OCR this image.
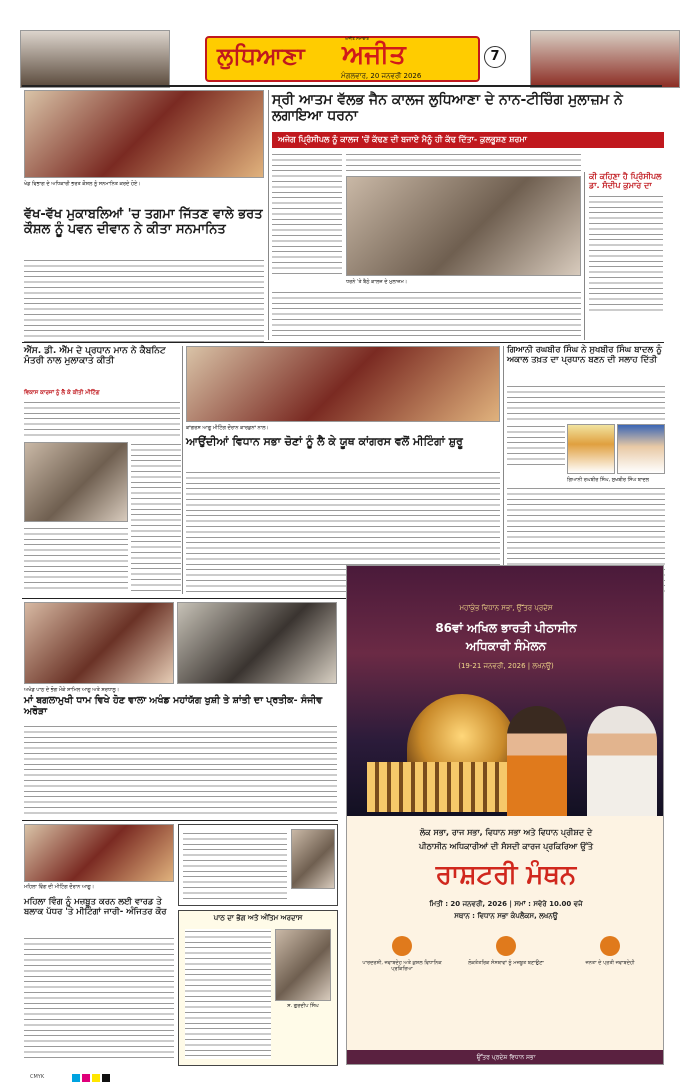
ਲੁਧਿਆਣਾ ਅਜੀਤ
ਅਜੀਤ ਸਮਾਚਾਰ
ਮੰਗਲਵਾਰ, 20 ਜਨਵਰੀ 2026
7
ਖੇਡ ਵਿਭਾਗ ਦੇ ਅਧਿਕਾਰੀ ਭਰਤ ਕੌਸ਼ਲ ਨੂੰ ਸਨਮਾਨਿਤ ਕਰਦੇ ਹੋਏ।
ਵੱਖ-ਵੱਖ ਮੁਕਾਬਲਿਆਂ 'ਚ ਤਗਮਾ ਜਿੱਤਣ ਵਾਲੇ ਭਰਤ ਕੌਸ਼ਲ ਨੂੰ ਪਵਨ ਦੀਵਾਨ ਨੇ ਕੀਤਾ ਸਨਮਾਨਿਤ
ਸ੍ਰੀ ਆਤਮ ਵੱਲਭ ਜੈਨ ਕਾਲਜ ਲੁਧਿਆਣਾ ਦੇ ਨਾਨ-ਟੀਚਿੰਗ ਮੁਲਾਜ਼ਮ ਨੇ ਲਗਾਇਆ ਧਰਨਾ
ਅਜੇਗ ਪ੍ਰਿੰਸੀਪਲ ਨੂੰ ਕਾਲਜ 'ਚੋਂ ਕੱਢਣ ਦੀ ਬਜਾਏ ਮੈਨੂੰ ਹੀ ਕੱਢ ਦਿੱਤਾ- ਕੁਲਭੂਸ਼ਣ ਸ਼ਰਮਾ
ਧਰਨੇ 'ਤੇ ਬੈਠੇ ਕਾਲਜ ਦੇ ਮੁਲਾਜ਼ਮ।
ਕੀ ਕਹਿਣਾ ਹੈ ਪ੍ਰਿੰਸੀਪਲ ਡਾ. ਸੰਦੀਪ ਕੁਮਾਰ ਦਾ
ਐੱਸ. ਡੀ. ਐੱਮ ਦੇ ਪ੍ਰਧਾਨ ਮਾਨ ਨੇ ਕੈਬਨਿਟ ਮੰਤਰੀ ਨਾਲ ਮੁਲਾਕਾਤ ਕੀਤੀ
ਵਿਕਾਸ ਕਾਰਜਾਂ ਨੂੰ ਲੈ ਕੇ ਕੀਤੀ ਮੀਟਿੰਗ
ਕਾਂਗਰਸ ਆਗੂ ਮੀਟਿੰਗ ਦੌਰਾਨ ਕਾਰਕੁਨਾਂ ਨਾਲ।
ਆਉਂਦੀਆਂ ਵਿਧਾਨ ਸਭਾ ਚੋਣਾਂ ਨੂੰ ਲੈ ਕੇ ਯੂਥ ਕਾਂਗਰਸ ਵਲੋਂ ਮੀਟਿੰਗਾਂ ਸ਼ੁਰੂ
ਗਿਆਨੀ ਰਘਬੀਰ ਸਿੰਘ ਨੇ ਸੁਖਬੀਰ ਸਿੰਘ ਬਾਦਲ ਨੂੰ ਅਕਾਲ ਤਖ਼ਤ ਦਾ ਪ੍ਰਧਾਨ ਬਣਨ ਦੀ ਸਲਾਹ ਦਿੱਤੀ
ਗਿਆਨੀ ਰਘਬੀਰ ਸਿੰਘ, ਸੁਖਬੀਰ ਸਿੰਘ ਬਾਦਲ
ਅਖੰਡ ਪਾਠ ਦੇ ਭੋਗ ਮੌਕੇ ਸ਼ਾਮਿਲ ਆਗੂ ਅਤੇ ਸ਼ਰਧਾਲੂ।
ਮਾਂ ਬਗਲਾਮੁਖੀ ਧਾਮ ਵਿਖੇ ਹੋਣ ਵਾਲਾ ਅਖੰਡ ਮਹਾਂਯੱਗ ਖੁਸ਼ੀ ਤੇ ਸ਼ਾਂਤੀ ਦਾ ਪ੍ਰਤੀਕ- ਸੰਜੀਵ ਅਰੋੜਾ
ਮਹਿਲਾ ਵਿੰਗ ਦੀ ਮੀਟਿੰਗ ਦੌਰਾਨ ਆਗੂ।
ਮਹਿਲਾ ਵਿੰਗ ਨੂੰ ਮਜ਼ਬੂਤ ਕਰਨ ਲਈ ਵਾਰਡ ਤੇ ਬਲਾਕ ਪੱਧਰ 'ਤੇ ਮੀਟਿੰਗਾਂ ਜਾਰੀ- ਅੰਜਿਤਰ ਕੌਰ
ਪਾਠ ਦਾ ਭੋਗ ਅਤੇ ਅੰਤਿਮ ਅਰਦਾਸ
ਸ. ਗੁਰਦੀਪ ਸਿੰਘ
ਮਹਾਂਕੁੰਭ ਵਿਧਾਨ ਸਭਾ, ਉੱਤਰ ਪ੍ਰਦੇਸ਼
86ਵਾਂ ਅਖਿਲ ਭਾਰਤੀ ਪੀਠਾਸੀਨ
ਅਧਿਕਾਰੀ ਸੰਮੇਲਨ
(19-21 ਜਨਵਰੀ, 2026 | ਲਖਨਊ)
ਲੋਕ ਸਭਾ, ਰਾਜ ਸਭਾ, ਵਿਧਾਨ ਸਭਾ ਅਤੇ ਵਿਧਾਨ ਪ੍ਰੀਸ਼ਦ ਦੇ
ਪੀਠਾਸੀਨ ਅਧਿਕਾਰੀਆਂ ਦੀ ਸੰਸਦੀ ਕਾਰਜ ਪ੍ਰਕਿਰਿਆ ਉੱਤੇ
ਰਾਸ਼ਟਰੀ ਮੰਥਨ
ਮਿਤੀ : 20 ਜਨਵਰੀ, 2026 | ਸਮਾਂ : ਸਵੇਰੇ 10.00 ਵਜੇ
ਸਥਾਨ : ਵਿਧਾਨ ਸਭਾ ਕੰਪਲੈਕਸ, ਲਖਨਊ
ਪਾਰਦਰਸ਼ੀ, ਜਵਾਬਦੇਹ ਅਤੇ ਕੁਸ਼ਲ ਵਿਧਾਨਿਕ ਪ੍ਰਕਿਰਿਆ
ਲੋਕਤੰਤਰਿਕ ਸੰਸਥਾਵਾਂ ਨੂੰ ਮਜ਼ਬੂਤ ਬਣਾਉਣਾ	ਜਨਤਾ ਦੇ ਪ੍ਰਤੀ ਜਵਾਬਦੇਹੀ
ਉੱਤਰ ਪ੍ਰਦੇਸ਼ ਵਿਧਾਨ ਸਭਾ
CMYK
